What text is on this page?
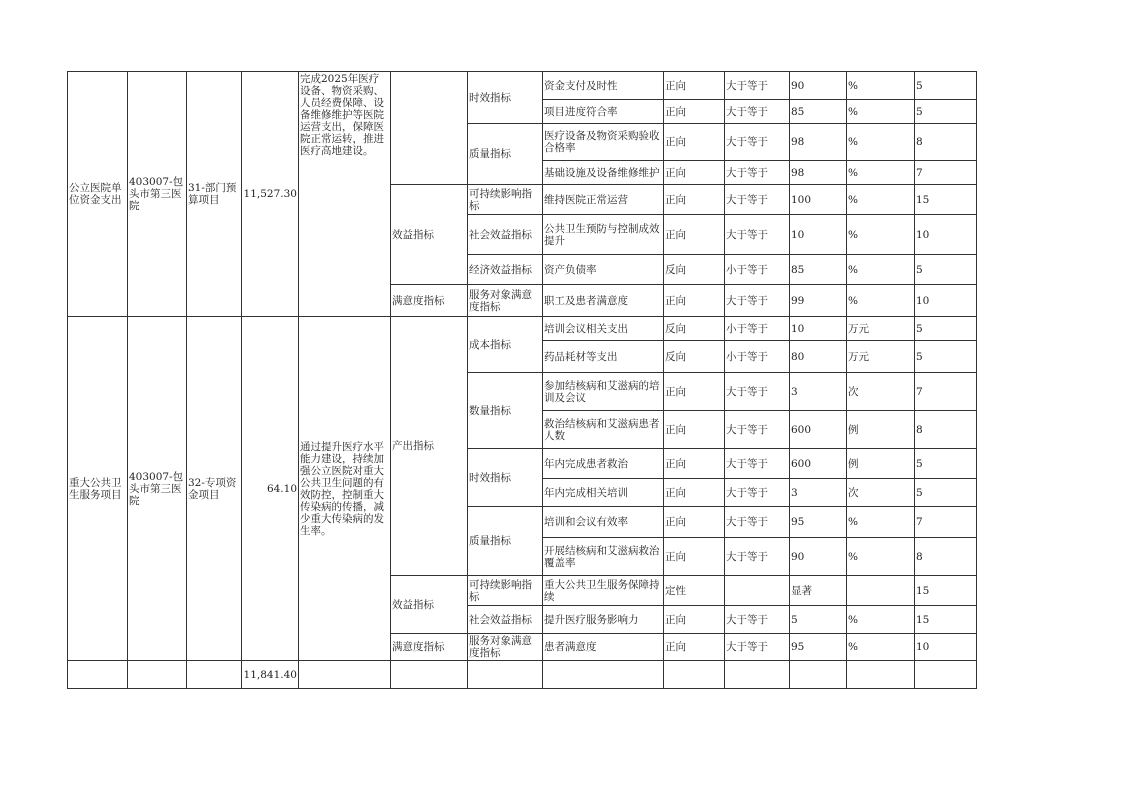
公立医院单位资金支出	403007-包头市第三医院	31-部门预算项目	11,527.30	完成2025年医疗设备、物资采购、人员经费保障、设备维修维护等医院运营支出，保障医院正常运转，推进医疗高地建设。		时效指标	资金支付及时性	正向	大于等于	90	%	5
							项目进度符合率	正向	大于等于	85	%	5
						质量指标	医疗设备及物资采购验收合格率	正向	大于等于	98	%	8
							基础设施及设备维修维护	正向	大于等于	98	%	7
					效益指标	可持续影响指标	维持医院正常运营	正向	大于等于	100	%	15
						社会效益指标	公共卫生预防与控制成效提升	正向	大于等于	10	%	10
						经济效益指标	资产负债率	反向	小于等于	85	%	5
					满意度指标	服务对象满意度指标	职工及患者满意度	正向	大于等于	99	%	10
重大公共卫生服务项目	403007-包头市第三医院	32-专项资金项目	64.10	通过提升医疗水平能力建设，持续加强公立医院对重大公共卫生问题的有效防控，控制重大传染病的传播，减少重大传染病的发生率。	产出指标	成本指标	培训会议相关支出	反向	小于等于	10	万元	5
							药品耗材等支出	反向	小于等于	80	万元	5
						数量指标	参加结核病和艾滋病的培训及会议	正向	大于等于	3	次	7
							救治结核病和艾滋病患者人数	正向	大于等于	600	例	8
						时效指标	年内完成患者救治	正向	大于等于	600	例	5
							年内完成相关培训	正向	大于等于	3	次	5
						质量指标	培训和会议有效率	正向	大于等于	95	%	7
							开展结核病和艾滋病救治覆盖率	正向	大于等于	90	%	8
					效益指标	可持续影响指标	重大公共卫生服务保障持续	定性		显著		15
						社会效益指标	提升医疗服务影响力	正向	大于等于	5	%	15
					满意度指标	服务对象满意度指标	患者满意度	正向	大于等于	95	%	10
			11,841.40									
